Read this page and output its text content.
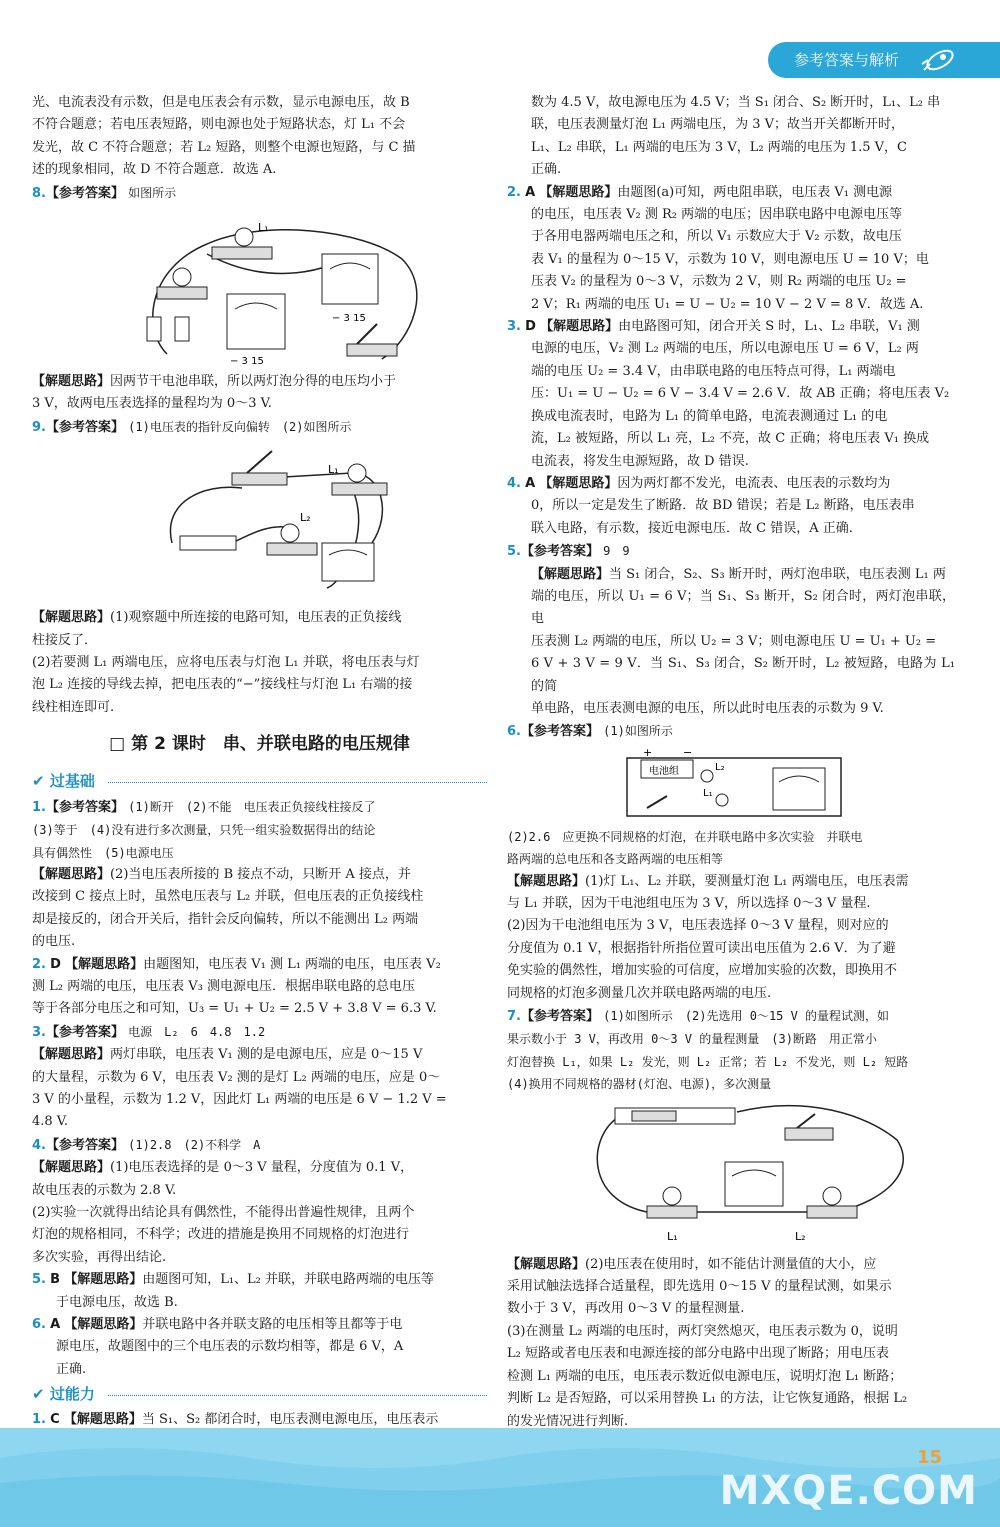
参考答案与解析

光、电流表没有示数，但是电压表会有示数，显示电源电压，故 B

不符合题意；若电压表短路，则电源也处于短路状态，灯 L₁ 不会

发光，故 C 不符合题意；若 L₂ 短路，则整个电源也短路，与 C 描

述的现象相同，故 D 不符合题意．故选 A.

8.【参考答案】 如图所示

L₁
− 3 15
− 3 15

【解题思路】因两节干电池串联，所以两灯泡分得的电压均小于

3 V，故两电压表选择的量程均为 0～3 V.

9.【参考答案】 (1)电压表的指针反向偏转　(2)如图所示

L₁
L₂

【解题思路】(1)观察题中所连接的电路可知，电压表的正负接线

柱接反了．

(2)若要测 L₁ 两端电压，应将电压表与灯泡 L₁ 并联，将电压表与灯

泡 L₂ 连接的导线去掉，把电压表的“−”接线柱与灯泡 L₁ 右端的接

线柱相连即可.

□ 第 2 课时　串、并联电路的电压规律
✔ 过基础

1.【参考答案】 (1)断开　(2)不能　电压表正负接线柱接反了

(3)等于　(4)没有进行多次测量，只凭一组实验数据得出的结论

具有偶然性　(5)电源电压

【解题思路】(2)当电压表所接的 B 接点不动，只断开 A 接点，并

改接到 C 接点上时，虽然电压表与 L₂ 并联，但电压表的正负接线柱

却是接反的，闭合开关后，指针会反向偏转，所以不能测出 L₂ 两端

的电压.

2. D 【解题思路】由题图知，电压表 V₁ 测 L₁ 两端的电压，电压表 V₂

测 L₂ 两端的电压，电压表 V₃ 测电源电压．根据串联电路的总电压

等于各部分电压之和可知，U₃ = U₁ + U₂ = 2.5 V + 3.8 V = 6.3 V.

3.【参考答案】 电源　L₂　6　4.8　1.2

【解题思路】两灯串联，电压表 V₁ 测的是电源电压，应是 0～15 V

的大量程，示数为 6 V，电压表 V₂ 测的是灯 L₂ 两端的电压，应是 0～

3 V 的小量程，示数为 1.2 V，因此灯 L₁ 两端的电压是 6 V − 1.2 V =

4.8 V.

4.【参考答案】 (1)2.8　(2)不科学　A

【解题思路】(1)电压表选择的是 0～3 V 量程，分度值为 0.1 V，

故电压表的示数为 2.8 V.

(2)实验一次就得出结论具有偶然性，不能得出普遍性规律，且两个

灯泡的规格相同，不科学；改进的措施是换用不同规格的灯泡进行

多次实验，再得出结论.

5. B 【解题思路】由题图可知，L₁、L₂ 并联，并联电路两端的电压等

于电源电压，故选 B.

6. A 【解题思路】并联电路中各并联支路的电压相等且都等于电

源电压，故题图中的三个电压表的示数均相等，都是 6 V，A

正确.

✔ 过能力

1. C 【解题思路】当 S₁、S₂ 都闭合时，电压表测电源电压，电压表示

数为 4.5 V，故电源电压为 4.5 V；当 S₁ 闭合、S₂ 断开时，L₁、L₂ 串

联，电压表测量灯泡 L₁ 两端电压，为 3 V；故当开关都断开时，

L₁、L₂ 串联，L₁ 两端的电压为 3 V，L₂ 两端的电压为 1.5 V，C

正确.

2. A 【解题思路】由题图(a)可知，两电阻串联，电压表 V₁ 测电源

的电压，电压表 V₂ 测 R₂ 两端的电压；因串联电路中电源电压等

于各用电器两端电压之和，所以 V₁ 示数应大于 V₂ 示数，故电压

表 V₁ 的量程为 0～15 V，示数为 10 V，则电源电压 U = 10 V；电

压表 V₂ 的量程为 0～3 V，示数为 2 V，则 R₂ 两端的电压 U₂ =

2 V；R₁ 两端的电压 U₁ = U − U₂ = 10 V − 2 V = 8 V．故选 A.

3. D 【解题思路】由电路图可知，闭合开关 S 时，L₁、L₂ 串联，V₁ 测

电源的电压，V₂ 测 L₂ 两端的电压，所以电源电压 U = 6 V，L₂ 两

端的电压 U₂ = 3.4 V，由串联电路的电压特点可得，L₁ 两端电

压：U₁ = U − U₂ = 6 V − 3.4 V = 2.6 V．故 AB 正确；将电压表 V₂

换成电流表时，电路为 L₁ 的简单电路，电流表测通过 L₁ 的电

流，L₂ 被短路，所以 L₁ 亮，L₂ 不亮，故 C 正确；将电压表 V₁ 换成

电流表，将发生电源短路，故 D 错误.

4. A 【解题思路】因为两灯都不发光，电流表、电压表的示数均为

0，所以一定是发生了断路．故 BD 错误；若是 L₂ 断路，电压表串

联入电路，有示数，接近电源电压．故 C 错误，A 正确.

5.【参考答案】 9　9

【解题思路】当 S₁ 闭合，S₂、S₃ 断开时，两灯泡串联，电压表测 L₁ 两

端的电压，所以 U₁ = 6 V；当 S₁、S₃ 断开，S₂ 闭合时，两灯泡串联，电

压表测 L₂ 两端的电压，所以 U₂ = 3 V；则电源电压 U = U₁ + U₂ =

6 V + 3 V = 9 V．当 S₁、S₃ 闭合，S₂ 断开时，L₂ 被短路，电路为 L₁ 的简

单电路，电压表测电源的电压，所以此时电压表的示数为 9 V.

6.【参考答案】 (1)如图所示

+	−
电池组	L₂
L₁

(2)2.6　应更换不同规格的灯泡，在并联电路中多次实验　并联电

路两端的总电压和各支路两端的电压相等

【解题思路】(1)灯 L₁、L₂ 并联，要测量灯泡 L₁ 两端电压，电压表需

与 L₁ 并联，因为干电池组电压为 3 V，所以选择 0～3 V 量程.

(2)因为干电池组电压为 3 V，电压表选择 0～3 V 量程，则对应的

分度值为 0.1 V，根据指针所指位置可读出电压值为 2.6 V．为了避

免实验的偶然性，增加实验的可信度，应增加实验的次数，即换用不

同规格的灯泡多测量几次并联电路两端的电压.

7.【参考答案】 (1)如图所示　(2)先选用 0～15 V 的量程试测，如

果示数小于 3 V，再改用 0～3 V 的量程测量　(3)断路　用正常小

灯泡替换 L₁，如果 L₂ 发光，则 L₂ 正常；若 L₂ 不发光，则 L₂ 短路

(4)换用不同规格的器材(灯泡、电源)，多次测量

L₁	L₂

【解题思路】(2)电压表在使用时，如不能估计测量值的大小，应

采用试触法选择合适量程，即先选用 0～15 V 的量程试测，如果示

数小于 3 V，再改用 0～3 V 的量程测量.

(3)在测量 L₂ 两端的电压时，两灯突然熄灭，电压表示数为 0，说明

L₂ 短路或者电压表和电源连接的部分电路中出现了断路；用电压表

检测 L₁ 两端的电压，电压表示数近似电源电压，说明灯泡 L₁ 断路；

判断 L₂ 是否短路，可以采用替换 L₁ 的方法，让它恢复通路，根据 L₂

的发光情况进行判断.

15
MXQE.COM
